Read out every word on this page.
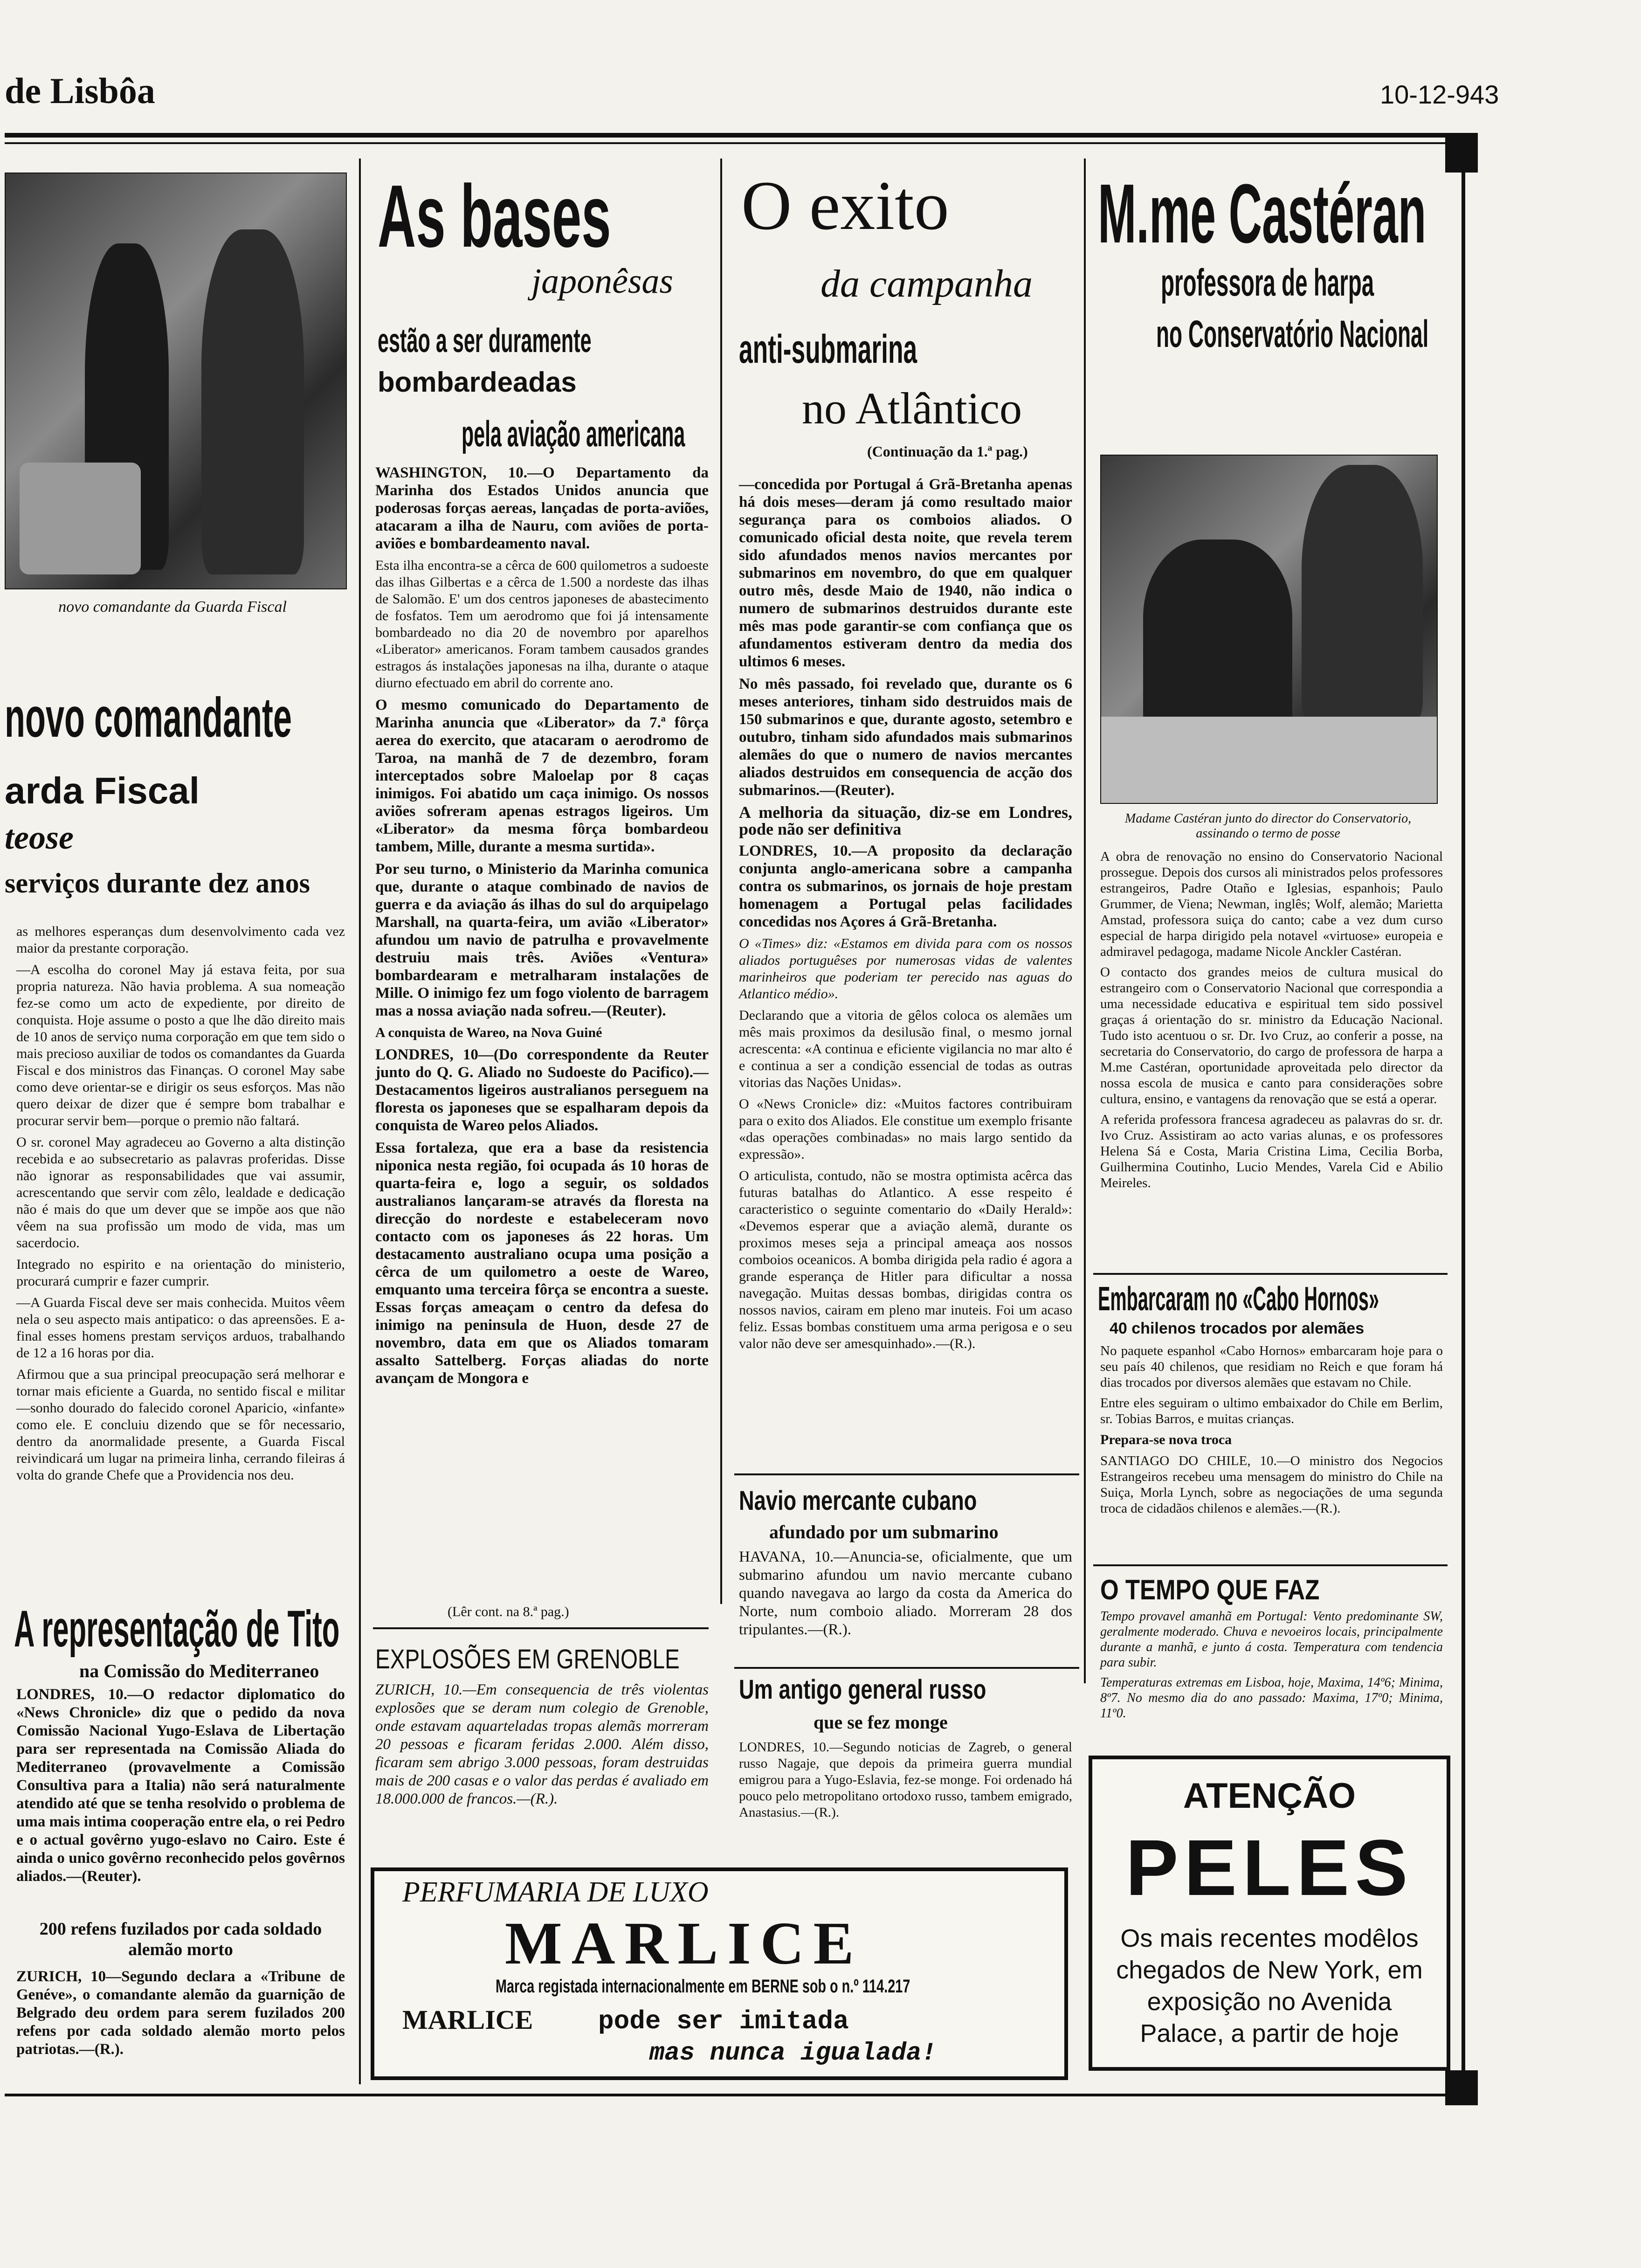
de Lisbôa	10-12-943
novo comandante da Guarda Fiscal
novo comandante
arda Fiscal
teose
serviços durante dez anos

as melhores esperanças dum desenvolvimento cada vez maior da prestante corporação.

—A escolha do coronel May já estava feita, por sua propria natureza. Não havia problema. A sua nomeação fez-se como um acto de expediente, por direito de conquista. Hoje assume o posto a que lhe dão direito mais de 10 anos de serviço numa corporação em que tem sido o mais precioso auxiliar de todos os comandantes da Guarda Fiscal e dos ministros das Finanças. O coronel May sabe como deve orientar-se e dirigir os seus esforços. Mas não quero deixar de dizer que é sempre bom trabalhar e procurar servir bem—porque o premio não faltará.

O sr. coronel May agradeceu ao Governo a alta distinção recebida e ao subsecretario as palavras proferidas. Disse não ignorar as responsabilidades que vai assumir, acrescentando que servir com zêlo, lealdade e dedicação não é mais do que um dever que se impõe aos que não vêem na sua profissão um modo de vida, mas um sacerdocio.

Integrado no espirito e na orientação do ministerio, procurará cumprir e fazer cumprir.

—A Guarda Fiscal deve ser mais conhecida. Muitos vêem nela o seu aspecto mais antipatico: o das apreensões. E a-final esses homens prestam serviços arduos, trabalhando de 12 a 16 horas por dia.

Afirmou que a sua principal preocupação será melhorar e tornar mais eficiente a Guarda, no sentido fiscal e militar—sonho dourado do falecido coronel Aparicio, «infante» como ele. E concluiu dizendo que se fôr necessario, dentro da anormalidade presente, a Guarda Fiscal reivindicará um lugar na primeira linha, cerrando fileiras á volta do grande Chefe que a Providencia nos deu.

A representação de Tito
na Comissão do Mediterraneo

LONDRES, 10.—O redactor diplomatico do «News Chronicle» diz que o pedido da nova Comissão Nacional Yugo-Eslava de Libertação para ser representada na Comissão Aliada do Mediterraneo (provavelmente a Comissão Consultiva para a Italia) não será naturalmente atendido até que se tenha resolvido o problema de uma mais intima cooperação entre ela, o rei Pedro e o actual govêrno yugo-eslavo no Cairo. Este é ainda o unico govêrno reconhecido pelos govêrnos aliados.—(Reuter).

200 refens fuzilados por cada soldado alemão morto

ZURICH, 10—Segundo declara a «Tribune de Genéve», o comandante alemão da guarnição de Belgrado deu ordem para serem fuzilados 200 refens por cada soldado alemão morto pelos patriotas.—(R.).

As bases
japonêsas
estão a ser duramente
bombardeadas
pela aviação americana

WASHINGTON, 10.—O Departamento da Marinha dos Estados Unidos anuncia que poderosas forças aereas, lançadas de porta-aviões, atacaram a ilha de Nauru, com aviões de porta-aviões e bombardeamento naval.

Esta ilha encontra-se a cêrca de 600 quilometros a sudoeste das ilhas Gilbertas e a cêrca de 1.500 a nordeste das ilhas de Salomão. E' um dos centros japoneses de abastecimento de fosfatos. Tem um aerodromo que foi já intensamente bombardeado no dia 20 de novembro por aparelhos «Liberator» americanos. Foram tambem causados grandes estragos ás instalações japonesas na ilha, durante o ataque diurno efectuado em abril do corrente ano.

O mesmo comunicado do Departamento de Marinha anuncia que «Liberator» da 7.ª fôrça aerea do exercito, que atacaram o aerodromo de Taroa, na manhã de 7 de dezembro, foram interceptados sobre Maloelap por 8 caças inimigos. Foi abatido um caça inimigo. Os nossos aviões sofreram apenas estragos ligeiros. Um «Liberator» da mesma fôrça bombardeou tambem, Mille, durante a mesma surtida».

Por seu turno, o Ministerio da Marinha comunica que, durante o ataque combinado de navios de guerra e da aviação ás ilhas do sul do arquipelago Marshall, na quarta-feira, um avião «Liberator» afundou um navio de patrulha e provavelmente destruiu mais três. Aviões «Ventura» bombardearam e metralharam instalações de Mille. O inimigo fez um fogo violento de barragem mas a nossa aviação nada sofreu.—(Reuter).

A conquista de Wareo, na Nova Guiné

LONDRES, 10—(Do correspondente da Reuter junto do Q. G. Aliado no Sudoeste do Pacifico).—Destacamentos ligeiros australianos perseguem na floresta os japoneses que se espalharam depois da conquista de Wareo pelos Aliados.

Essa fortaleza, que era a base da resistencia niponica nesta região, foi ocupada ás 10 horas de quarta-feira e, logo a seguir, os soldados australianos lançaram-se através da floresta na direcção do nordeste e estabeleceram novo contacto com os japoneses ás 22 horas. Um destacamento australiano ocupa uma posição a cêrca de um quilometro a oeste de Wareo, emquanto uma terceira fôrça se encontra a sueste. Essas forças ameaçam o centro da defesa do inimigo na peninsula de Huon, desde 27 de novembro, data em que os Aliados tomaram assalto Sattelberg. Forças aliadas do norte avançam de Mongora e

(Lêr cont. na 8.ª pag.)
EXPLOSÕES EM GRENOBLE

ZURICH, 10.—Em consequencia de três violentas explosões que se deram num colegio de Grenoble, onde estavam aquarteladas tropas alemãs morreram 20 pessoas e ficaram feridas 2.000. Além disso, ficaram sem abrigo 3.000 pessoas, foram destruidas mais de 200 casas e o valor das perdas é avaliado em 18.000.000 de francos.—(R.).

O exito
da campanha
anti-submarina
no Atlântico
(Continuação da 1.ª pag.)

—concedida por Portugal á Grã-Bretanha apenas há dois meses—deram já como resultado maior segurança para os comboios aliados. O comunicado oficial desta noite, que revela terem sido afundados menos navios mercantes por submarinos em novembro, do que em qualquer outro mês, desde Maio de 1940, não indica o numero de submarinos destruidos durante este mês mas pode garantir-se com confiança que os afundamentos estiveram dentro da media dos ultimos 6 meses.

No mês passado, foi revelado que, durante os 6 meses anteriores, tinham sido destruidos mais de 150 submarinos e que, durante agosto, setembro e outubro, tinham sido afundados mais submarinos alemães do que o numero de navios mercantes aliados destruidos em consequencia de acção dos submarinos.—(Reuter).

A melhoria da situação, diz-se em Londres, pode não ser definitiva

LONDRES, 10.—A proposito da declaração conjunta anglo-americana sobre a campanha contra os submarinos, os jornais de hoje prestam homenagem a Portugal pelas facilidades concedidas nos Açores á Grã-Bretanha.

O «Times» diz: «Estamos em divida para com os nossos aliados portuguêses por numerosas vidas de valentes marinheiros que poderiam ter perecido nas aguas do Atlantico médio».

Declarando que a vitoria de gêlos coloca os alemães um mês mais proximos da desilusão final, o mesmo jornal acrescenta: «A continua e eficiente vigilancia no mar alto é e continua a ser a condição essencial de todas as outras vitorias das Nações Unidas».

O «News Cronicle» diz: «Muitos factores contribuiram para o exito dos Aliados. Ele constitue um exemplo frisante «das operações combinadas» no mais largo sentido da expressão».

O articulista, contudo, não se mostra optimista acêrca das futuras batalhas do Atlantico. A esse respeito é caracteristico o seguinte comentario do «Daily Herald»: «Devemos esperar que a aviação alemã, durante os proximos meses seja a principal ameaça aos nossos comboios oceanicos. A bomba dirigida pela radio é agora a grande esperança de Hitler para dificultar a nossa navegação. Muitas dessas bombas, dirigidas contra os nossos navios, cairam em pleno mar inuteis. Foi um acaso feliz. Essas bombas constituem uma arma perigosa e o seu valor não deve ser amesquinhado».—(R.).

Navio mercante cubano
afundado por um submarino

HAVANA, 10.—Anuncia-se, oficialmente, que um submarino afundou um navio mercante cubano quando navegava ao largo da costa da America do Norte, num comboio aliado. Morreram 28 dos tripulantes.—(R.).

Um antigo general russo
que se fez monge

LONDRES, 10.—Segundo noticias de Zagreb, o general russo Nagaje, que depois da primeira guerra mundial emigrou para a Yugo-Eslavia, fez-se monge. Foi ordenado há pouco pelo metropolitano ortodoxo russo, tambem emigrado, Anastasius.—(R.).

PERFUMARIA DE LUXO
MARLICE
Marca registada internacionalmente em BERNE sob o n.º 114.217
MARLICE pode ser imitada
mas nunca igualada!
M.me Castéran
professora de harpa
no Conservatório Nacional
Madame Castéran junto do director do Conservatorio, assinando o termo de posse

A obra de renovação no ensino do Conservatorio Nacional prossegue. Depois dos cursos ali ministrados pelos professores estrangeiros, Padre Otaño e Iglesias, espanhois; Paulo Grummer, de Viena; Newman, inglês; Wolf, alemão; Marietta Amstad, professora suiça do canto; cabe a vez dum curso especial de harpa dirigido pela notavel «virtuose» europeia e admiravel pedagoga, madame Nicole Anckler Castéran.

O contacto dos grandes meios de cultura musical do estrangeiro com o Conservatorio Nacional que correspondia a uma necessidade educativa e espiritual tem sido possivel graças á orientação do sr. ministro da Educação Nacional. Tudo isto acentuou o sr. Dr. Ivo Cruz, ao conferir a posse, na secretaria do Conservatorio, do cargo de professora de harpa a M.me Castéran, oportunidade aproveitada pelo director da nossa escola de musica e canto para considerações sobre cultura, ensino, e vantagens da renovação que se está a operar.

A referida professora francesa agradeceu as palavras do sr. dr. Ivo Cruz. Assistiram ao acto varias alunas, e os professores Helena Sá e Costa, Maria Cristina Lima, Cecilia Borba, Guilhermina Coutinho, Lucio Mendes, Varela Cid e Abilio Meireles.

Embarcaram no «Cabo Hornos»
40 chilenos trocados por alemães

No paquete espanhol «Cabo Hornos» embarcaram hoje para o seu país 40 chilenos, que residiam no Reich e que foram há dias trocados por diversos alemães que estavam no Chile.

Entre eles seguiram o ultimo embaixador do Chile em Berlim, sr. Tobias Barros, e muitas crianças.

Prepara-se nova troca

SANTIAGO DO CHILE, 10.—O ministro dos Negocios Estrangeiros recebeu uma mensagem do ministro do Chile na Suiça, Morla Lynch, sobre as negociações de uma segunda troca de cidadãos chilenos e alemães.—(R.).

O TEMPO QUE FAZ

Tempo provavel amanhã em Portugal: Vento predominante SW, geralmente moderado. Chuva e nevoeiros locais, principalmente durante a manhã, e junto á costa. Temperatura com tendencia para subir.

Temperaturas extremas em Lisboa, hoje, Maxima, 14º6; Minima, 8º7. No mesmo dia do ano passado: Maxima, 17º0; Minima, 11º0.

ATENÇÃO
PELES
Os mais recentes modêlos chegados de New York, em exposição no Avenida Palace, a partir de hoje
